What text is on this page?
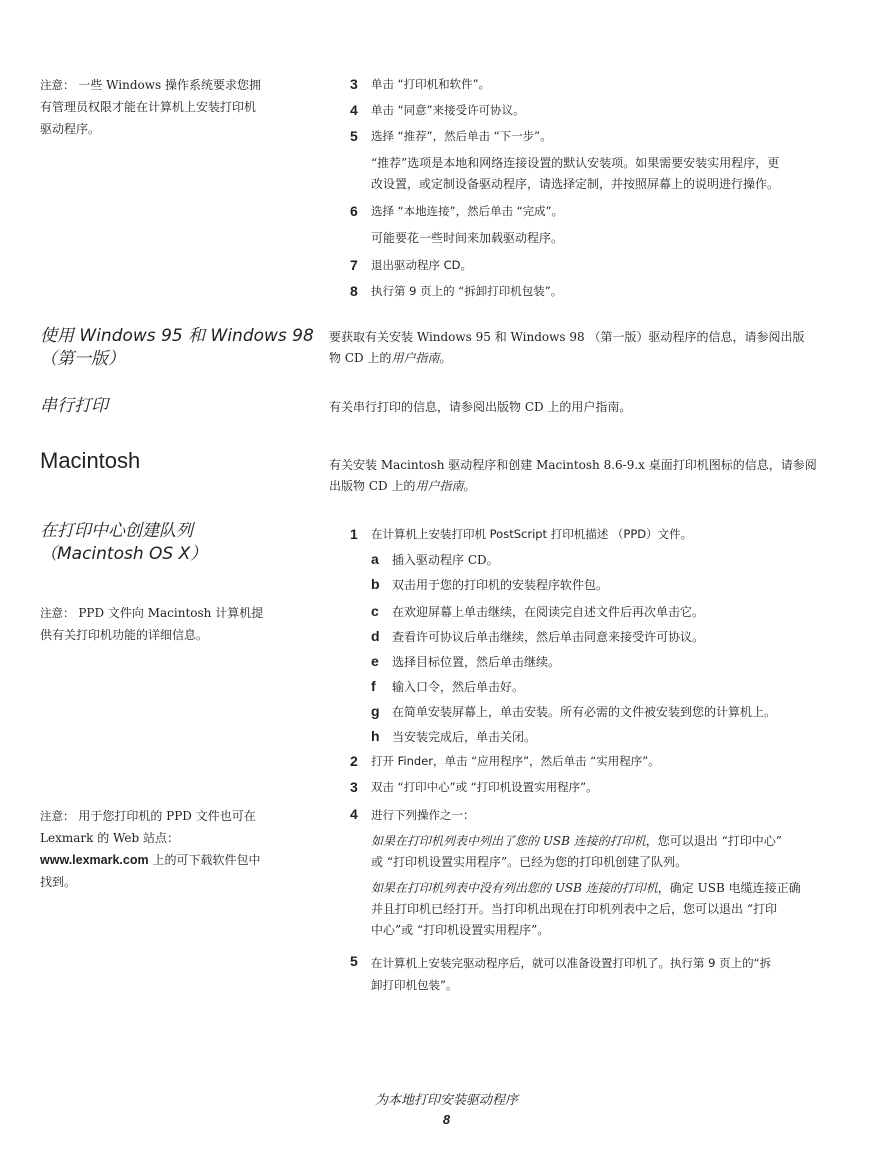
注意： 一些 Windows 操作系统要求您拥
有管理员权限才能在计算机上安装打印机
驱动程序。
3	单击 “打印机和软件”。
4	单击 “同意”来接受许可协议。
5	选择 “推荐”，然后单击 “下一步”。
“推荐”选项是本地和网络连接设置的默认安装项。如果需要安装实用程序，更
改设置，或定制设备驱动程序，请选择定制，并按照屏幕上的说明进行操作。
6	选择 “本地连接”，然后单击 “完成”。
可能要花一些时间来加载驱动程序。
7	退出驱动程序 CD。
8	执行第 9 页上的 “拆卸打印机包装”。
使用 Windows 95 和 Windows 98
（第一版）
要获取有关安装 Windows 95 和 Windows 98 （第一版）驱动程序的信息，请参阅出版
物 CD 上的用户指南。
串行打印	有关串行打印的信息，请参阅出版物 CD 上的用户指南。
Macintosh	有关安装 Macintosh 驱动程序和创建 Macintosh 8.6-9.x 桌面打印机图标的信息，请参阅
出版物 CD 上的用户指南。
在打印中心创建队列
（Macintosh OS X）
1	在计算机上安装打印机 PostScript 打印机描述 （PPD）文件。
a	插入驱动程序 CD。
b	双击用于您的打印机的安装程序软件包。
注意： PPD 文件向 Macintosh 计算机提
供有关打印机功能的详细信息。
c	在欢迎屏幕上单击继续，在阅读完自述文件后再次单击它。
d	查看许可协议后单击继续，然后单击同意来接受许可协议。
e	选择目标位置，然后单击继续。
f	输入口令，然后单击好。
g	在简单安装屏幕上，单击安装。所有必需的文件被安装到您的计算机上。
h	当安装完成后，单击关闭。
2	打开 Finder，单击 “应用程序”，然后单击 “实用程序”。
3	双击 “打印中心”或 “打印机设置实用程序”。
注意： 用于您打印机的 PPD 文件也可在
Lexmark 的 Web 站点：
www.lexmark.com 上的可下载软件包中
找到。
4	进行下列操作之一：
如果在打印机列表中列出了您的 USB 连接的打印机，您可以退出 “打印中心”
或 “打印机设置实用程序”。已经为您的打印机创建了队列。
如果在打印机列表中没有列出您的 USB 连接的打印机，确定 USB 电缆连接正确
并且打印机已经打开。当打印机出现在打印机列表中之后，您可以退出 “打印
中心”或 “打印机设置实用程序”。
5	在计算机上安装完驱动程序后，就可以准备设置打印机了。执行第 9 页上的“拆
卸打印机包装”。
为本地打印安装驱动程序
8
